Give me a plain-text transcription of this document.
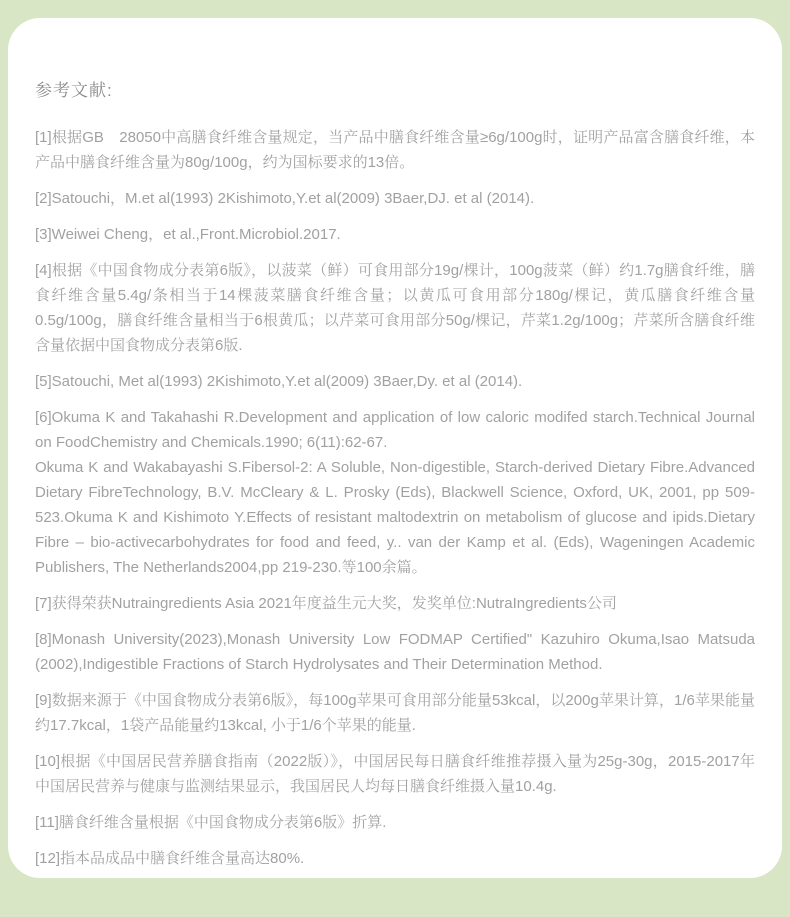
参考文献:

[1]根据GB　28050中高膳食纤维含量规定，当产品中膳食纤维含量≥6g/100g时，证明产品富含膳食纤维，本产品中膳食纤维含量为80g/100g，约为国标要求的13倍。

[2]Satouchi，M.et al(1993) 2Kishimoto,Y.et al(2009) 3Baer,DJ. et al (2014).

[3]Weiwei Cheng，et al.,Front.Microbiol.2017.

[4]根据《中国食物成分表第6版》，以菠菜（鲜）可食用部分19g/棵计，100g菠菜（鲜）约1.7g膳食纤维，膳食纤维含量5.4g/条相当于14棵菠菜膳食纤维含量；以黄瓜可食用部分180g/棵记，黄瓜膳食纤维含量0.5g/100g，膳食纤维含量相当于6根黄瓜；以芹菜可食用部分50g/棵记，芹菜1.2g/100g；芹菜所含膳食纤维含量依据中国食物成分表第6版.

[5]Satouchi, Met al(1993) 2Kishimoto,Y.et al(2009) 3Baer,Dy. et al (2014).

[6]Okuma K and Takahashi R.Development and application of low caloric modifed starch.Technical Journal on FoodChemistry and Chemicals.1990; 6(11):62-67.
Okuma K and Wakabayashi S.Fibersol-2: A Soluble, Non-digestible, Starch-derived Dietary Fibre.Advanced Dietary FibreTechnology, B.V. McCleary & L. Prosky (Eds), Blackwell Science, Oxford, UK, 2001, pp 509-523.Okuma K and Kishimoto Y.Effects of resistant maltodextrin on metabolism of glucose and ipids.Dietary Fibre – bio-activecarbohydrates for food and feed, y.. van der Kamp et al. (Eds), Wageningen Academic Publishers, The Netherlands2004,pp 219-230.等100余篇。

[7]获得荣获Nutraingredients Asia 2021年度益生元大奖，发奖单位:NutraIngredients公司

[8]Monash University(2023),Monash University Low FODMAP Certified" Kazuhiro Okuma,Isao Matsuda (2002),Indigestible Fractions of Starch Hydrolysates and Their Determination Method.

[9]数据来源于《中国食物成分表第6版》，每100g苹果可食用部分能量53kcal，以200g苹果计算，1/6苹果能量约17.7kcal，1袋产品能量约13kcal, 小于1/6个苹果的能量.

[10]根据《中国居民营养膳食指南（2022版）》，中国居民每日膳食纤维推荐摄入量为25g-30g，2015-2017年中国居民营养与健康与监测结果显示，我国居民人均每日膳食纤维摄入量10.4g.

[11]膳食纤维含量根据《中国食物成分表第6版》折算.

[12]指本品成品中膳食纤维含量高达80%.
